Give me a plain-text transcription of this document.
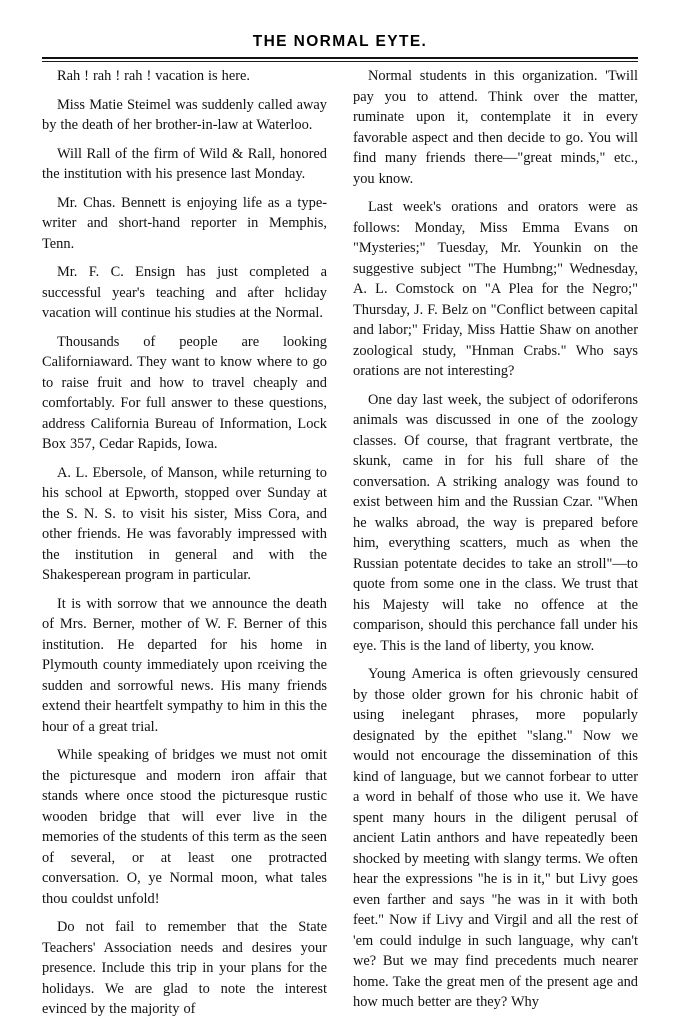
THE NORMAL EYTE.

Rah ! rah ! rah ! vacation is here.

Miss Matie Steimel was suddenly called away by the death of her brother-in-law at Waterloo.

Will Rall of the firm of Wild & Rall, honored the institution with his presence last Monday.

Mr. Chas. Bennett is enjoying life as a type-writer and short-hand reporter in Memphis, Tenn.

Mr. F. C. Ensign has just completed a successful year's teaching and after hcliday vacation will continue his studies at the Normal.

Thousands of people are looking Californiaward. They want to know where to go to raise fruit and how to travel cheaply and comfortably. For full answer to these questions, address California Bureau of Information, Lock Box 357, Cedar Rapids, Iowa.

A. L. Ebersole, of Manson, while returning to his school at Epworth, stopped over Sunday at the S. N. S. to visit his sister, Miss Cora, and other friends. He was favorably impressed with the institution in general and with the Shakesperean program in particular.

It is with sorrow that we announce the death of Mrs. Berner, mother of W. F. Berner of this institution. He departed for his home in Plymouth county immediately upon rceiving the sudden and sorrowful news. His many friends extend their heartfelt sympathy to him in this the hour of a great trial.

While speaking of bridges we must not omit the picturesque and modern iron affair that stands where once stood the picturesque rustic wooden bridge that will ever live in the memories of the students of this term as the seen of several, or at least one protracted conversation. O, ye Normal moon, what tales thou couldst unfold!

Do not fail to remember that the State Teachers' Association needs and desires your presence. Include this trip in your plans for the holidays. We are glad to note the interest evinced by the majority of

Normal students in this organization. 'Twill pay you to attend. Think over the matter, ruminate upon it, contemplate it in every favorable aspect and then decide to go. You will find many friends there—"great minds," etc., you know.

Last week's orations and orators were as follows: Monday, Miss Emma Evans on "Mysteries;" Tuesday, Mr. Younkin on the suggestive subject "The Humbng;" Wednesday, A. L. Comstock on "A Plea for the Negro;" Thursday, J. F. Belz on "Conflict between capital and labor;" Friday, Miss Hattie Shaw on another zoological study, "Hnman Crabs." Who says orations are not interesting?

One day last week, the subject of odoriferons animals was discussed in one of the zoology classes. Of course, that fragrant vertbrate, the skunk, came in for his full share of the conversation. A striking analogy was found to exist between him and the Russian Czar. "When he walks abroad, the way is prepared before him, everything scatters, much as when the Russian potentate decides to take an stroll"—to quote from some one in the class. We trust that his Majesty will take no offence at the comparison, should this perchance fall under his eye. This is the land of liberty, you know.

Young America is often grievously censured by those older grown for his chronic habit of using inelegant phrases, more popularly designated by the epithet "slang." Now we would not encourage the dissemination of this kind of language, but we cannot forbear to utter a word in behalf of those who use it. We have spent many hours in the diligent perusal of ancient Latin anthors and have repeatedly been shocked by meeting with slangy terms. We often hear the expressions "he is in it," but Livy goes even farther and says "he was in it with both feet." Now if Livy and Virgil and all the rest of 'em could indulge in such language, why can't we? But we may find precedents much nearer home. Take the great men of the present age and how much better are they? Why
